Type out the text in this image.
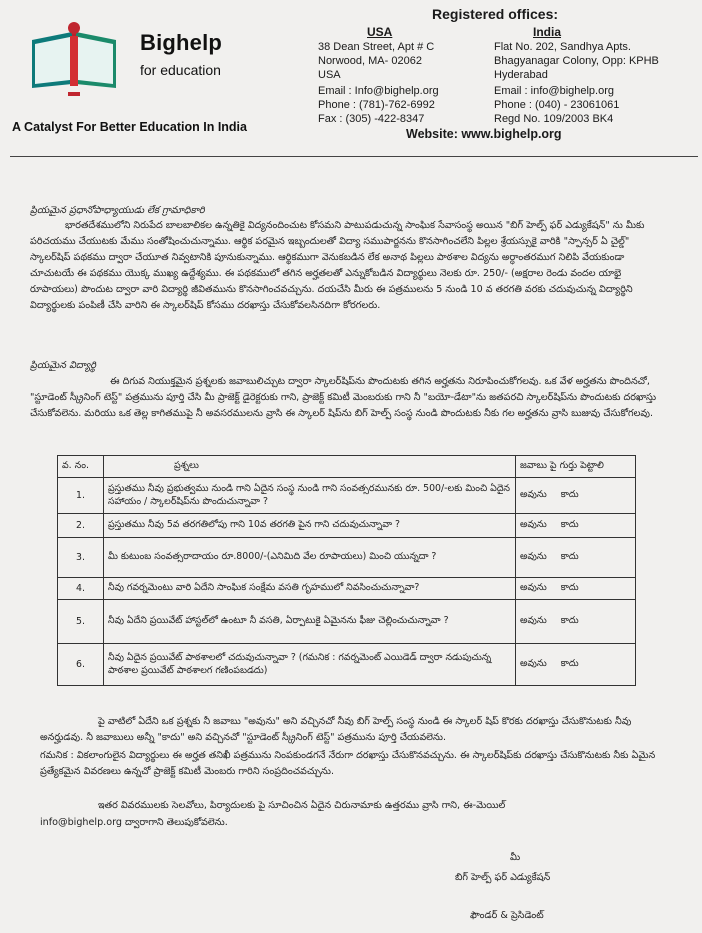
Bighelp
for education
A Catalyst For Better Education In India
Registered offices:
USA
38 Dean Street, Apt # C
Norwood, MA- 02062
USA
Email : Info@bighelp.org
Phone : (781)-762-6992
Fax : (305) -422-8347
India
Flat No. 202, Sandhya Apts.
Bhagyanagar Colony, Opp: KPHB
Hyderabad
Email : info@bighelp.org
Phone : (040) - 23061061
Regd No. 109/2003 BK4
Website: www.bighelp.org
ప్రియమైన ప్రధానోపాధ్యాయుడు లేక గ్రామాధికారి
భారతదేశములోని నిరుపేద బాలబాలికల ఉన్నతికై విద్యనందించుట కోసమని పాటుపడుచున్న సాంఘిక సేవాసంస్థ అయిన "బిగ్ హెల్ప్ ఫర్ ఎడ్యుకేషన్" ను మీకు పరిచయము చేయుటకు మేము సంతోషించుచున్నాము. ఆర్థిక పరమైన ఇబ్బందులతో విద్యా సముపార్జనను కొనసాగించలేని పిల్లల శ్రేయస్సుకై వారికి "స్పాన్సర్ ఏ చైల్డ్" స్కాలర్‌షిప్ పథకము ద్వారా చేయూత నివ్వటానికి పూనుకున్నాము. ఆర్థికముగా వెనుకబడిన లేక అనాథ పిల్లలు పాఠశాల విద్యను అర్ధాంతరముగ నిలిపి వేయకుండా చూచుటయే ఈ పథకము యొక్క ముఖ్య ఉద్దేశ్యము. ఈ పథకములో తగిన అర్హతలతో ఎన్నుకోబడిన విద్యార్థులు నెలకు రూ. 250/- (అక్షరాల రెండు వందల యాభై రూపాయలు) పొందుట ద్వారా వారి విద్యార్థి జీవితమును కొనసాగించవచ్చును. దయచేసి మీరు ఈ పత్రములను 5 నుండి 10 వ తరగతి వరకు చదువుచున్న విద్యార్థిని విద్యార్థులకు పంపిణీ చేసి వారిని ఈ స్కాలర్‌షిప్ కోసము దరఖాస్తు చేసుకోవలసినదిగా కోరగలరు.
ప్రియమైన విద్యార్థి
ఈ దిగువ నియుక్తమైన ప్రశ్నలకు జవాబులిచ్చుట ద్వారా స్కాలర్‌షిప్‌ను పొందుటకు తగిన అర్హతను నిరూపించుకోగలవు. ఒక వేళ అర్హతను పొందినచో, "స్టూడెంట్ స్క్రీనింగ్ టెస్ట్" పత్రమును పూర్తి చేసి మీ ప్రాజెక్ట్ డైరెక్టరుకు గాని, ప్రాజెక్ట్ కమిటీ మెంబరుకు గాని నీ "బయో-డేటా"ను జతపరచి స్కాలర్‌షిప్‌ను పొందుటకు దరఖాస్తు చేసుకోవలెను. మరియు ఒక తెల్ల కాగితముపై నీ అవసరములను వ్రాసి ఈ స్కాలర్ షిప్‌ను బిగ్ హెల్ప్ సంస్థ నుండి పొందుటకు నీకు గల అర్హతను వ్రాసి బుజువు చేసుకోగలవు.
వ. నం.	ప్రశ్నలు	జవాబు పై గుర్తు పెట్టాలి
1.	ప్రస్తుతము నీవు ప్రభుత్వము నుండి గాని ఏదైన సంస్థ నుండి గాని సంవత్సరమునకు రూ. 500/-లకు మించి ఏదైన సహాయం / స్కాలర్‌షిప్‌ను పొందుచున్నావా ?	అవును కాదు
2.	ప్రస్తుతము నీవు 5వ తరగతిలోపు గాని 10వ తరగతి పైన గాని చదువుచున్నావా ?	అవును కాదు
3.	మీ కుటుంబ సంవత్సరాదాయం రూ.8000/-(ఎనిమిది వేల రూపాయలు) మించి యున్నదా ?	అవును కాదు
4.	నీవు గవర్నమెంటు వారి ఏదేని సాంఘిక సంక్షేమ వసతి గృహములో నివసించుచున్నావా?	అవును కాదు
5.	నీవు ఏదేని ప్రయివేట్ హాస్టల్‌లో ఉంటూ నీ వసతి, ఏర్పాటుకై ఏమైనను ఫీజు చెల్లించుచున్నావా ?	అవును కాదు
6.	నీవు ఏదైన ప్రయివేట్ పాఠశాలలో చదువుచున్నావా ? (గమనిక : గవర్నమెంట్ ఎయిడెడ్ ద్వారా నడుపుచున్న పాఠశాల ప్రయివేట్ పాఠశాలగ గణింపబడదు)	అవును కాదు
పై వాటిలో ఏదేని ఒక ప్రశ్నకు నీ జవాబు "అవును" అని వచ్చినచో నీవు బిగ్ హెల్ప్ సంస్థ నుండి ఈ స్కాలర్ షిప్ కొరకు దరఖాస్తు చేసుకొనుటకు నీవు అనర్హుడవు. నీ జవాబులు అన్నీ "కాదు" అని వచ్చినచో "స్టూడెంట్ స్క్రీనింగ్ టెస్ట్" పత్రమును పూర్తి చేయవలెను.
గమనిక : వికలాంగులైన విద్యార్థులు ఈ అర్హత తనిఖీ పత్రమును నింపకుండగనే నేరుగా దరఖాస్తు చేసుకొనవచ్చును. ఈ స్కాలర్‌షిప్‌కు దరఖాస్తు చేసుకొనుటకు నీకు ఏమైన ప్రత్యేకమైన వివరణలు ఉన్నచో ప్రాజెక్ట్ కమిటీ మెంబరు గారిని సంప్రదించవచ్చును.
ఇతర వివరములకు సెలవోలు, పిర్యాదులకు పై సూచించిన ఏదైన చిరునామాకు ఉత్తరము వ్రాసి గాని, ఈ-మెయిల్
info@bighelp.org ద్వారాగాని తెలుపుకోవలెను.
మీ
బిగ్ హెల్ప్ ఫర్ ఎడ్యుకేషన్
ఫౌండర్ & ప్రెసిడెంట్
